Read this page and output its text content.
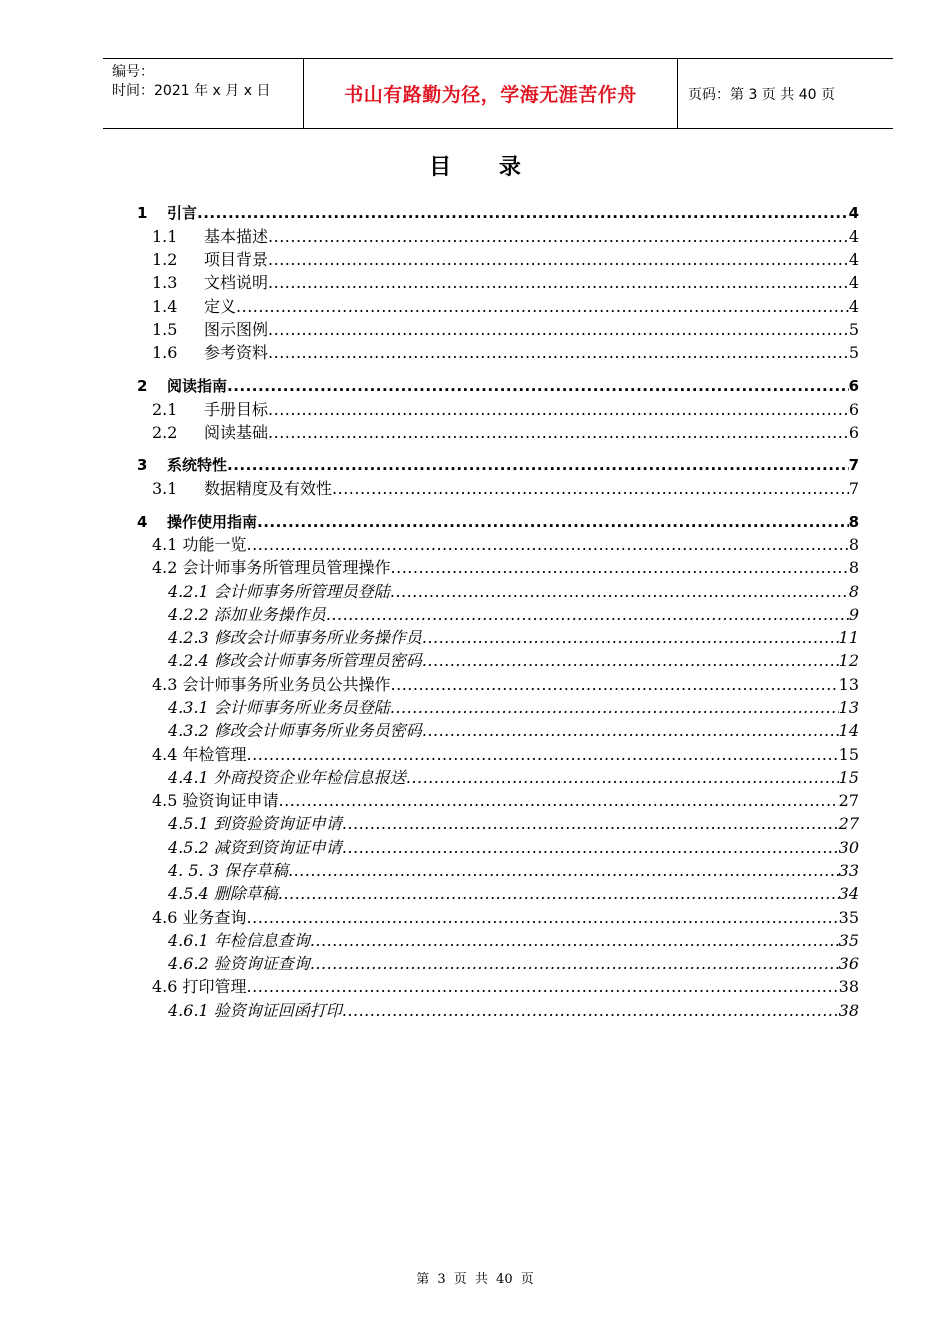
编号：
时间：2021 年 x 月 x 日	书山有路勤为径，学海无涯苦作舟	页码：第 3 页 共 40 页
目 录
1	引言 .....	4
1.1	基本描述 .....	4
1.2	项目背景 .....	4
1.3	文档说明 .....	4
1.4	定义 .....	4
1.5	图示图例 .....	5
1.6	参考资料 .....	5
2	阅读指南 .....	6
2.1	手册目标 .....	6
2.2	阅读基础 .....	6
3	系统特性 .....	7
3.1	数据精度及有效性 .....	7
4	操作使用指南 .....	8
4.1 功能一览 .....	8
4.2 会计师事务所管理员管理操作 .....	8
4.2.1 会计师事务所管理员登陆 .....	8
4.2.2 添加业务操作员 .....	9
4.2.3 修改会计师事务所业务操作员 .....	11
4.2.4 修改会计师事务所管理员密码 .....	12
4.3 会计师事务所业务员公共操作 .....	13
4.3.1 会计师事务所业务员登陆 .....	13
4.3.2 修改会计师事务所业务员密码 .....	14
4.4 年检管理 .....	15
4.4.1 外商投资企业年检信息报送 .....	15
4.5 验资询证申请 .....	27
4.5.1 到资验资询证申请 .....	27
4.5.2 减资到资询证申请 .....	30
4. 5. 3 保存草稿 .....	33
4.5.4 删除草稿 .....	34
4.6 业务查询 .....	35
4.6.1 年检信息查询 .....	35
4.6.2 验资询证查询 .....	36
4.6 打印管理 .....	38
4.6.1 验资询证回函打印 .....	38
第 3 页 共 40 页
